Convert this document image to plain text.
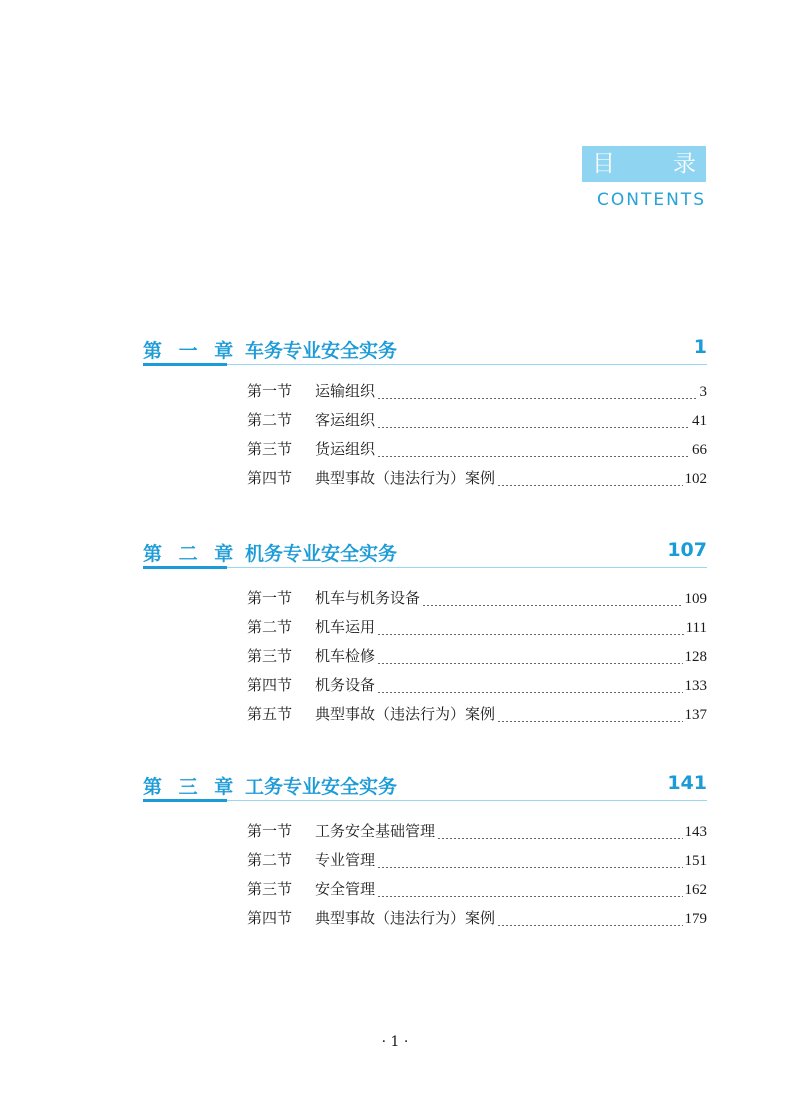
目	录
CONTENTS
第 一 章 车务专业安全实务	1
第一节	运输组织	3
第二节	客运组织	41
第三节	货运组织	66
第四节	典型事故（违法行为）案例	102
第 二 章 机务专业安全实务	107
第一节	机车与机务设备	109
第二节	机车运用	111
第三节	机车检修	128
第四节	机务设备	133
第五节	典型事故（违法行为）案例	137
第 三 章 工务专业安全实务	141
第一节	工务安全基础管理	143
第二节	专业管理	151
第三节	安全管理	162
第四节	典型事故（违法行为）案例	179
· 1 ·
